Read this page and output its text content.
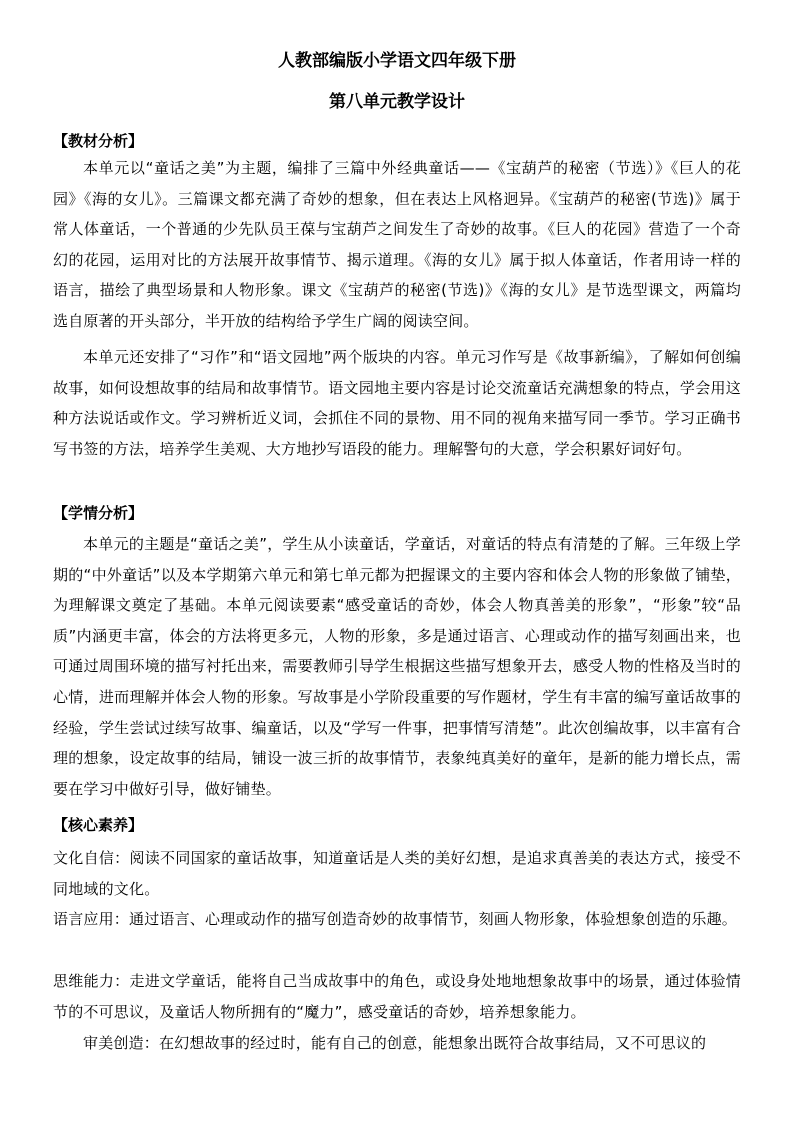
人教部编版小学语文四年级下册
第八单元教学设计
【教材分析】
本单元以“童话之美”为主题，编排了三篇中外经典童话——《宝葫芦的秘密（节选）》《巨人的花园》《海的女儿》。三篇课文都充满了奇妙的想象，但在表达上风格迥异。《宝葫芦的秘密(节选)》属于常人体童话，一个普通的少先队员王葆与宝葫芦之间发生了奇妙的故事。《巨人的花园》营造了一个奇幻的花园，运用对比的方法展开故事情节、揭示道理。《海的女儿》属于拟人体童话，作者用诗一样的语言，描绘了典型场景和人物形象。课文《宝葫芦的秘密(节选)》《海的女儿》是节选型课文，两篇均选自原著的开头部分，半开放的结构给予学生广阔的阅读空间。
本单元还安排了“习作”和“语文园地”两个版块的内容。单元习作写是《故事新编》，了解如何创编故事，如何设想故事的结局和故事情节。语文园地主要内容是讨论交流童话充满想象的特点，学会用这种方法说话或作文。学习辨析近义词，会抓住不同的景物、用不同的视角来描写同一季节。学习正确书写书签的方法，培养学生美观、大方地抄写语段的能力。理解警句的大意，学会积累好词好句。
【学情分析】
本单元的主题是“童话之美”，学生从小读童话，学童话，对童话的特点有清楚的了解。三年级上学期的“中外童话”以及本学期第六单元和第七单元都为把握课文的主要内容和体会人物的形象做了铺垫，为理解课文奠定了基础。本单元阅读要素“感受童话的奇妙，体会人物真善美的形象”，“形象”较“品质”内涵更丰富，体会的方法将更多元，人物的形象，多是通过语言、心理或动作的描写刻画出来，也可通过周围环境的描写衬托出来，需要教师引导学生根据这些描写想象开去，感受人物的性格及当时的心情，进而理解并体会人物的形象。写故事是小学阶段重要的写作题材，学生有丰富的编写童话故事的经验，学生尝试过续写故事、编童话，以及“学写一件事，把事情写清楚”。此次创编故事，以丰富有合理的想象，设定故事的结局，铺设一波三折的故事情节，表象纯真美好的童年，是新的能力增长点，需要在学习中做好引导，做好铺垫。
【核心素养】
文化自信：阅读不同国家的童话故事，知道童话是人类的美好幻想，是追求真善美的表达方式，接受不同地域的文化。
语言应用：通过语言、心理或动作的描写创造奇妙的故事情节，刻画人物形象，体验想象创造的乐趣。
思维能力：走进文学童话，能将自己当成故事中的角色，或设身处地地想象故事中的场景，通过体验情节的不可思议，及童话人物所拥有的“魔力”，感受童话的奇妙，培养想象能力。
审美创造：在幻想故事的经过时，能有自己的创意，能想象出既符合故事结局，又不可思议的
